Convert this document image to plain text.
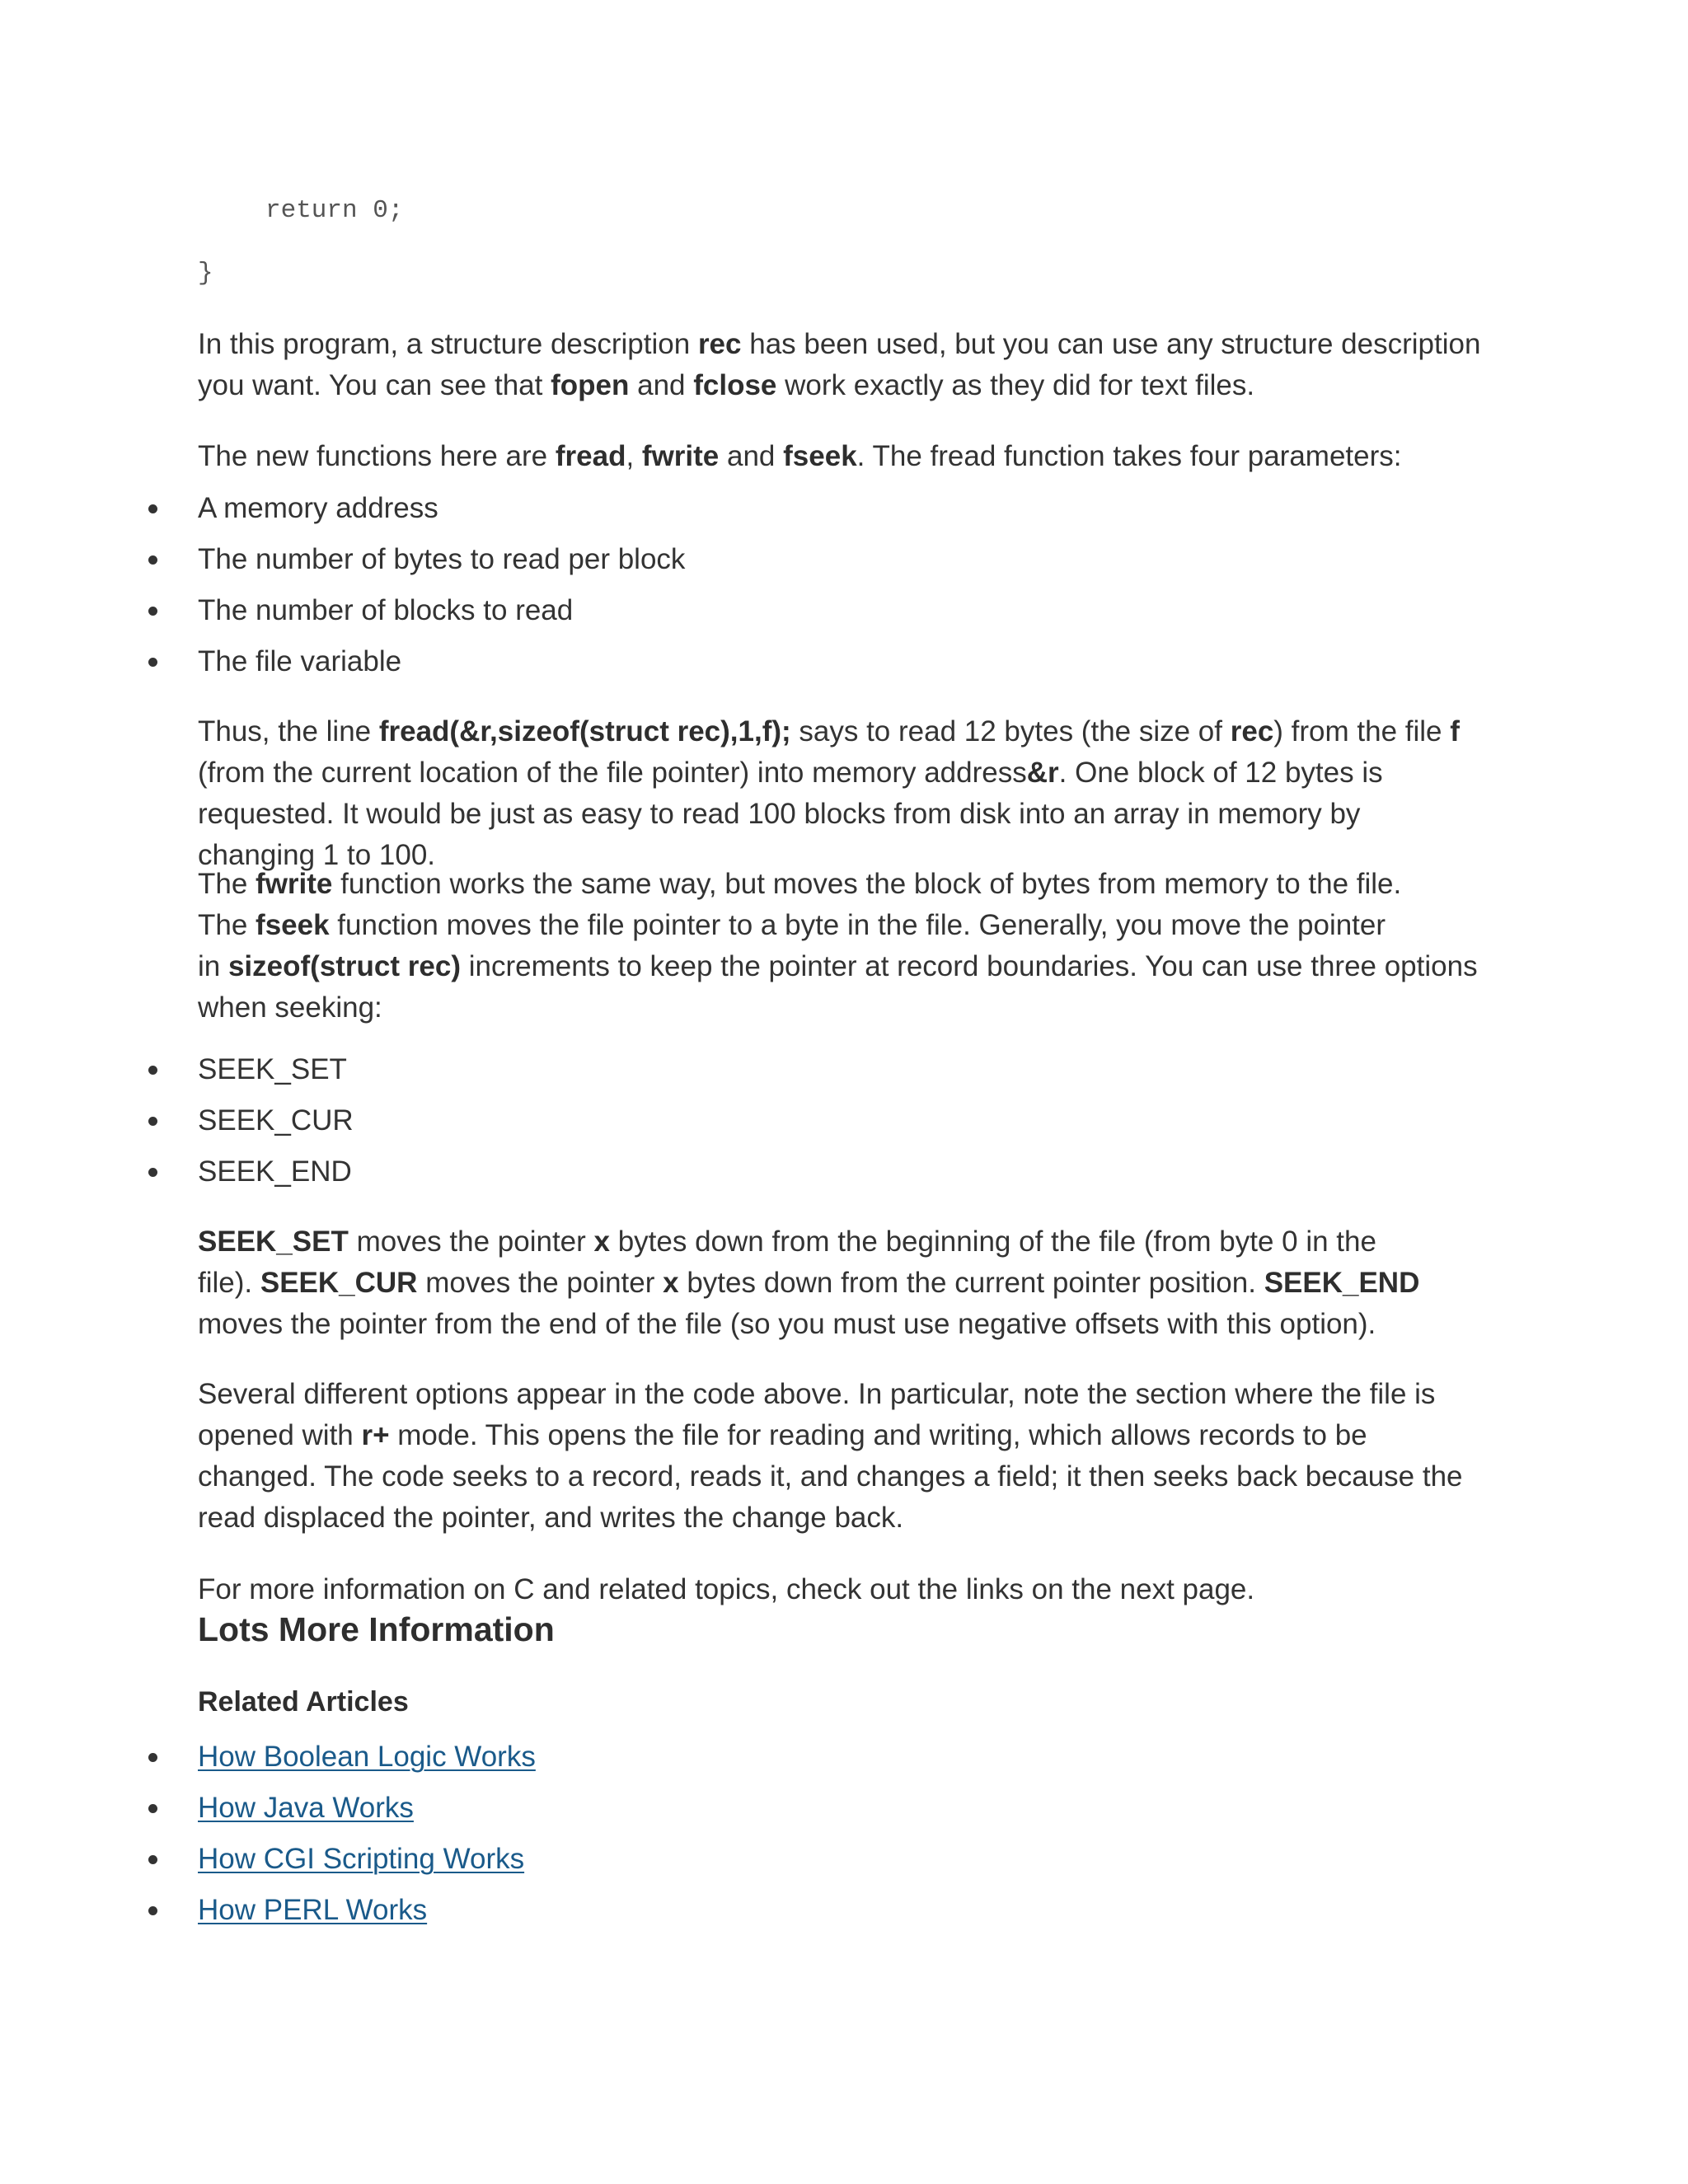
return 0;
}

In this program, a structure description rec has been used, but you can use any structure description you want. You can see that fopen and fclose work exactly as they did for text files.

The new functions here are fread, fwrite and fseek. The fread function takes four parameters:

A memory address
The number of bytes to read per block
The number of blocks to read
The file variable

Thus, the line fread(&r,sizeof(struct rec),1,f); says to read 12 bytes (the size of rec) from the file f (from the current location of the file pointer) into memory address&r. One block of 12 bytes is requested. It would be just as easy to read 100 blocks from disk into an array in memory by changing 1 to 100.

The fwrite function works the same way, but moves the block of bytes from memory to the file.
The fseek function moves the file pointer to a byte in the file. Generally, you move the pointer
in sizeof(struct rec) increments to keep the pointer at record boundaries. You can use three options when seeking:

SEEK_SET
SEEK_CUR
SEEK_END

SEEK_SET moves the pointer x bytes down from the beginning of the file (from byte 0 in the
file). SEEK_CUR moves the pointer x bytes down from the current pointer position. SEEK_END moves the pointer from the end of the file (so you must use negative offsets with this option).

Several different options appear in the code above. In particular, note the section where the file is opened with r+ mode. This opens the file for reading and writing, which allows records to be changed. The code seeks to a record, reads it, and changes a field; it then seeks back because the read displaced the pointer, and writes the change back.

For more information on C and related topics, check out the links on the next page.

Lots More Information
Related Articles
How Boolean Logic Works
How Java Works
How CGI Scripting Works
How PERL Works
